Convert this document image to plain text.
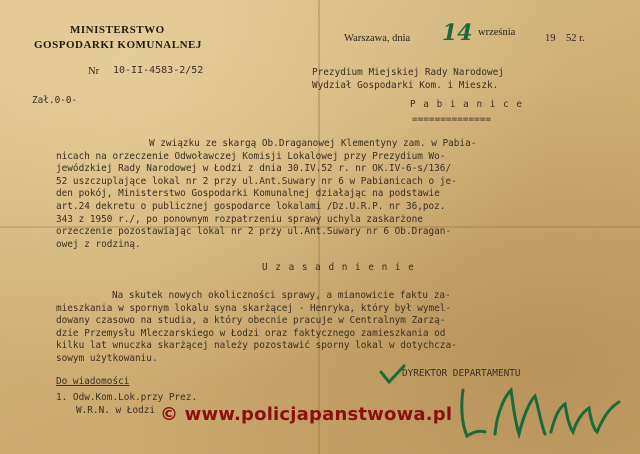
MINISTERSTWO
GOSPODARKI KOMUNALNEJ
Nr 10-II-4583-2/52
Warszawa, dnia 14 września
19 52 r.
Prezydium Miejskiej Rady Narodowej
Wydział Gospodarki Kom. i Mieszk.
P a b i a n i c e
==============
Zał.0-0-
W związku ze skargą Ob.Draganowej Klementyny zam. w Pabia-
nicach na orzeczenie Odwoławczej Komisji Lokalowej przy Prezydium Wo-
jewódzkiej Rady Narodowej w Łodzi z dnia 30.IV.52 r. nr OK.IV-6-s/136/
52 uszczuplające lokal nr 2 przy ul.Ant.Suwary nr 6 w Pabianicach o je-
den pokój, Ministerstwo Gospodarki Komunalnej działając na podstawie
art.24 dekretu o publicznej gospodarce lokalami /Dz.U.R.P. nr 36,poz.
343 z 1950 r./, po ponownym rozpatrzeniu sprawy uchyla zaskarżone
orzeczenie pozostawiając lokal nr 2 przy ul.Ant.Suwary nr 6 Ob.Dragan-
owej z rodziną.
U z a s a d n i e n i e
Na skutek nowych okoliczności sprawy, a mianowicie faktu za-
mieszkania w spornym lokalu syna skarżącej - Henryka, który był wymel-
dowany czasowo na studia, a który obecnie pracuje w Centralnym Zarzą-
dzie Przemysłu Mleczarskiego w Łodzi oraz faktycznego zamieszkania od
kilku lat wnuczka skarżącej należy pozostawić sporny lokal w dotychcza-
sowym użytkowaniu.
DYREKTOR DEPARTAMENTU
Do wiadomości
1. Odw.Kom.Lok.przy Prez.
W.R.N. w Łodzi © www.policjapanstwowa.pl
